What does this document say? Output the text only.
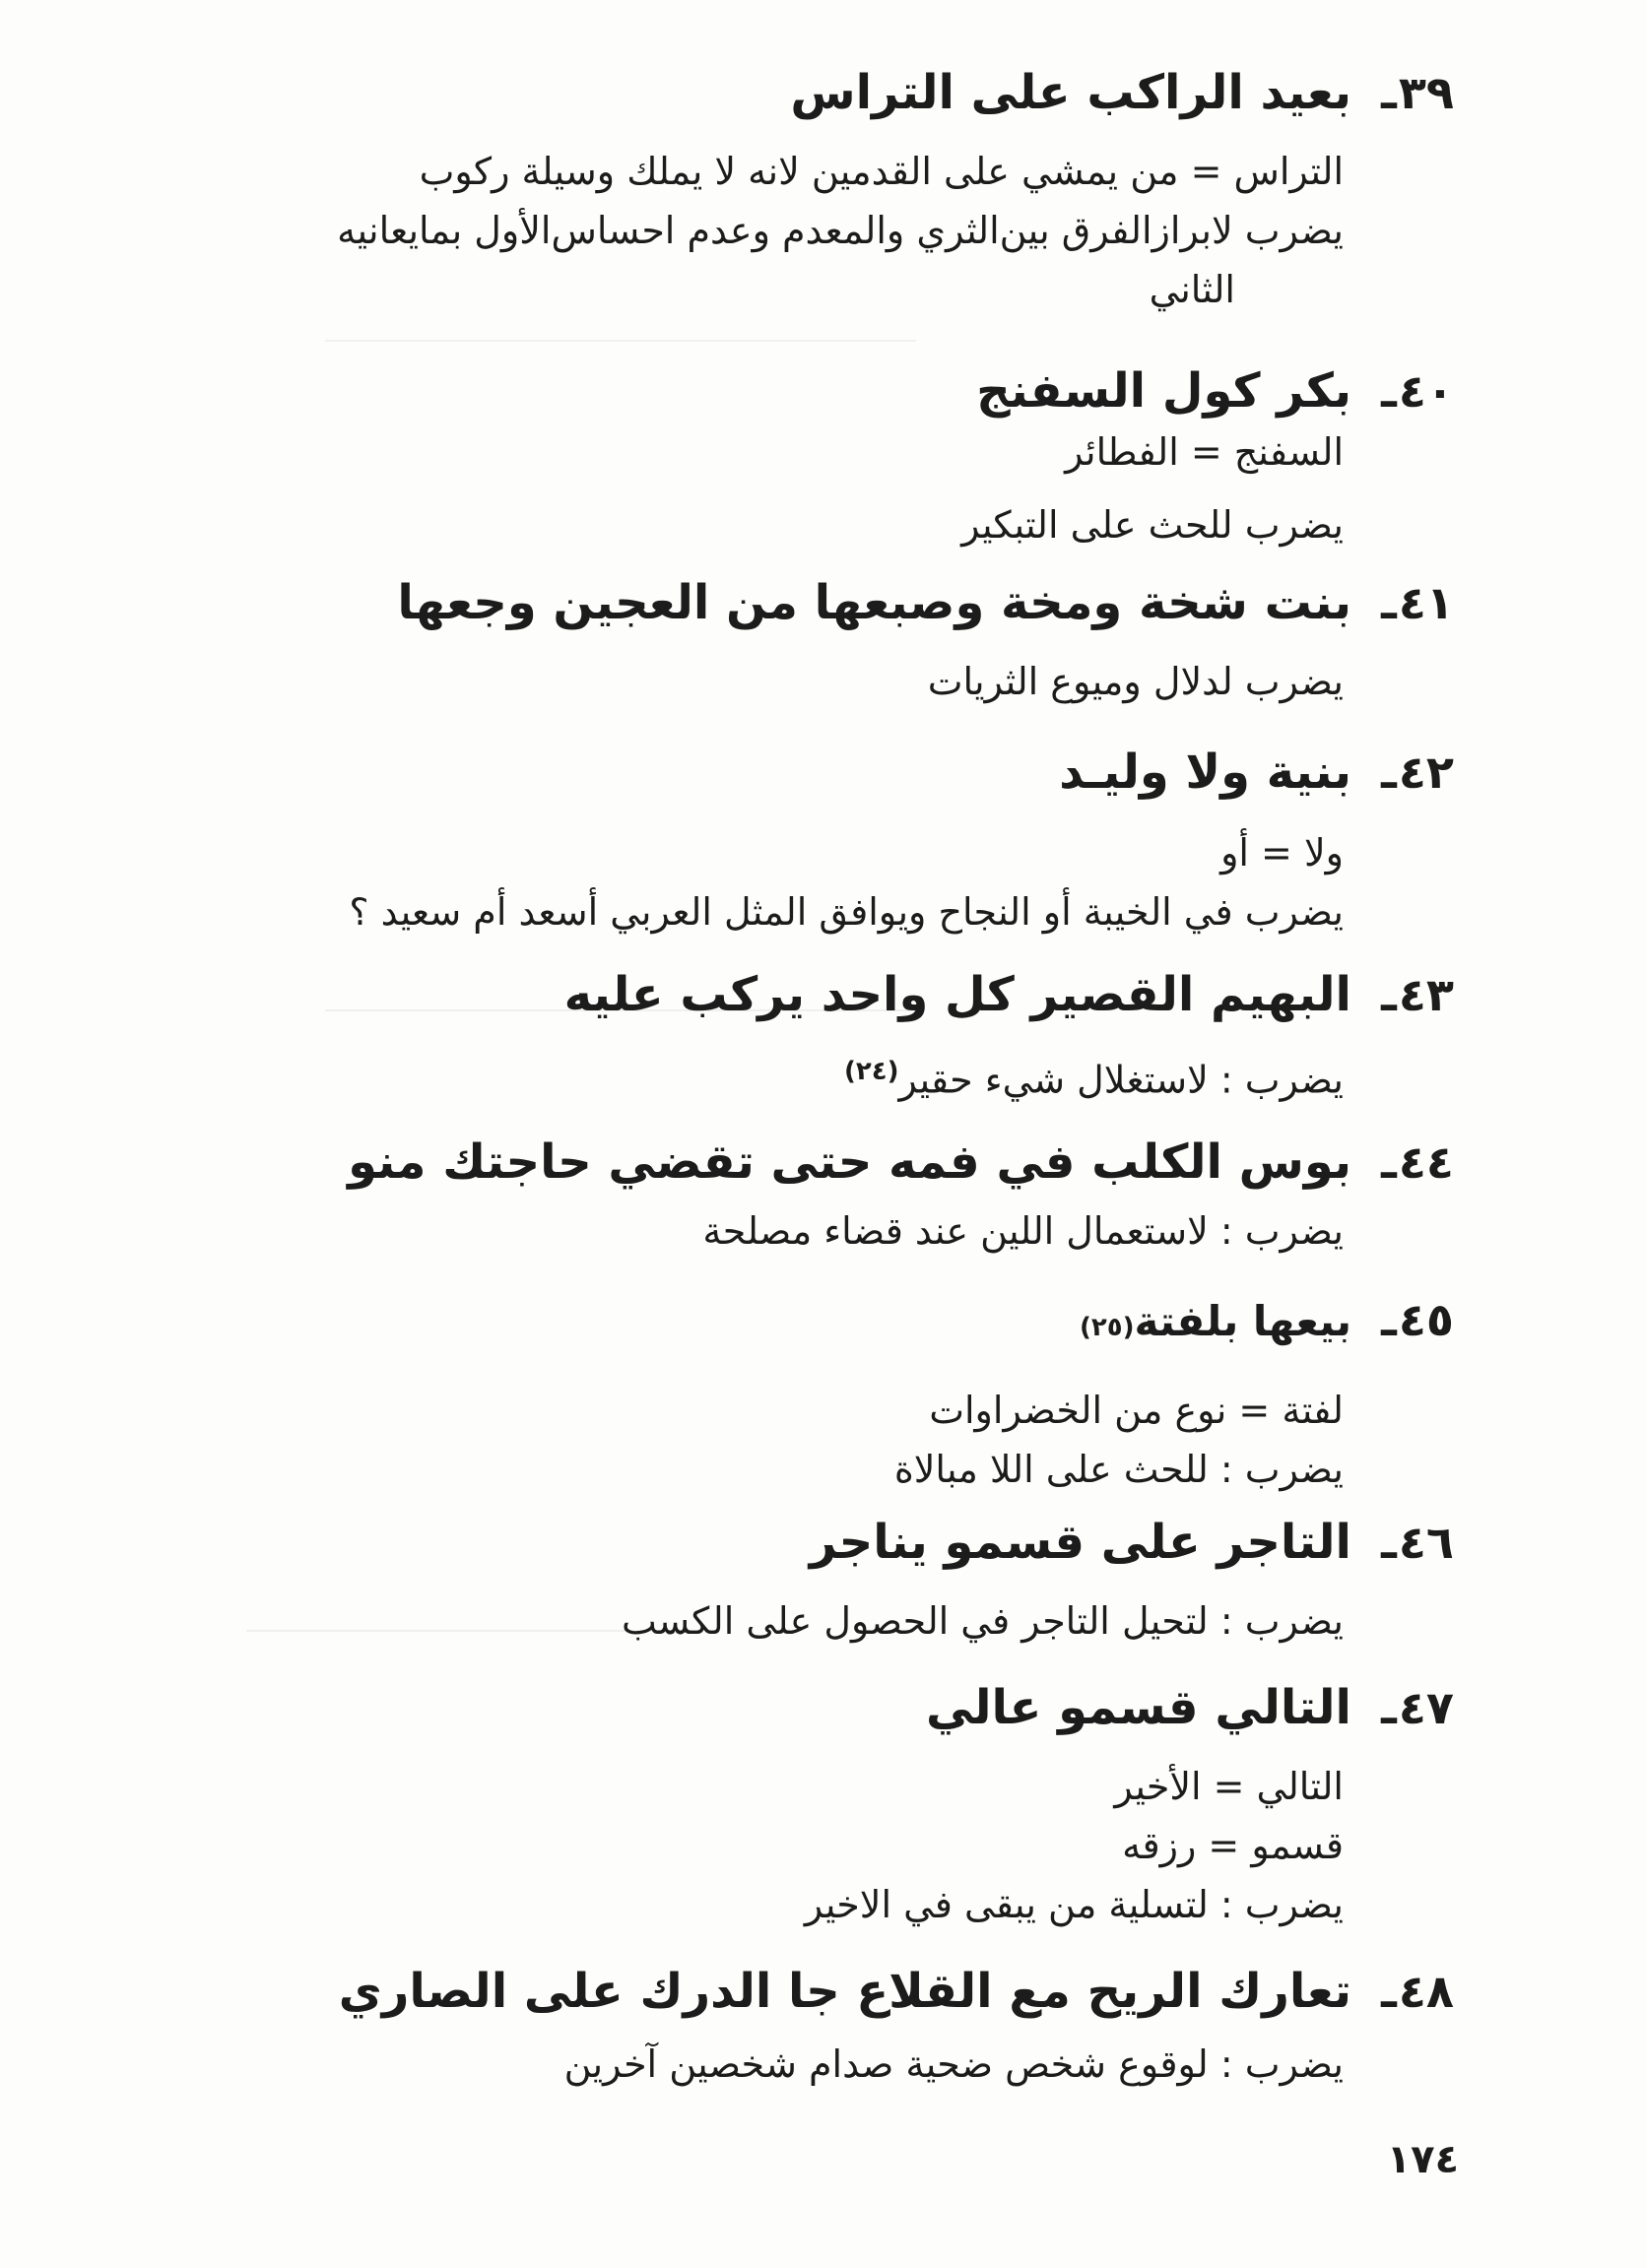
٣٩ـ
بعيد الراكب على التراس
التراس = من يمشي على القدمين لانه لا يملك وسيلة ركوب
يضرب لابرازالفرق بين‌الثري والمعدم وعدم احساس‌الأول بمايعانيه
الثاني
٤٠ـ
بكر كول السفنج
السفنج = الفطائر
يضرب للحث على التبكير
٤١ـ
بنت شخة ومخة وصبعها من العجين وجعها
يضرب لدلال وميوع الثريات
٤٢ـ
بنية ولا وليـد
ولا = أو
يضرب في الخيبة أو النجاح ويوافق المثل العربي أسعد أم سعيد ؟
٤٣ـ
البهيم القصير كل واحد يركب عليه
يضرب : لاستغلال شيء حقير$^{(٢٤)}$
٤٤ـ
بوس الكلب في فمه حتى تقضي حاجتك منو
يضرب : لاستعمال اللين عند قضاء مصلحة
٤٥ـ
بيعها بلفتة
(٢٥)
لفتة = نوع من الخضراوات
يضرب : للحث على اللا مبالاة
٤٦ـ
التاجر على قسمو يناجر
يضرب : لتحيل التاجر في الحصول على الكسب
٤٧ـ
التالي قسمو عالي
التالي = الأخير
قسمو = رزقه
يضرب : لتسلية من يبقى في الاخير
٤٨ـ
تعارك الريح مع القلاع جا الدرك على الصاري
يضرب : لوقوع شخص ضحية صدام شخصين آخرين
١٧٤
